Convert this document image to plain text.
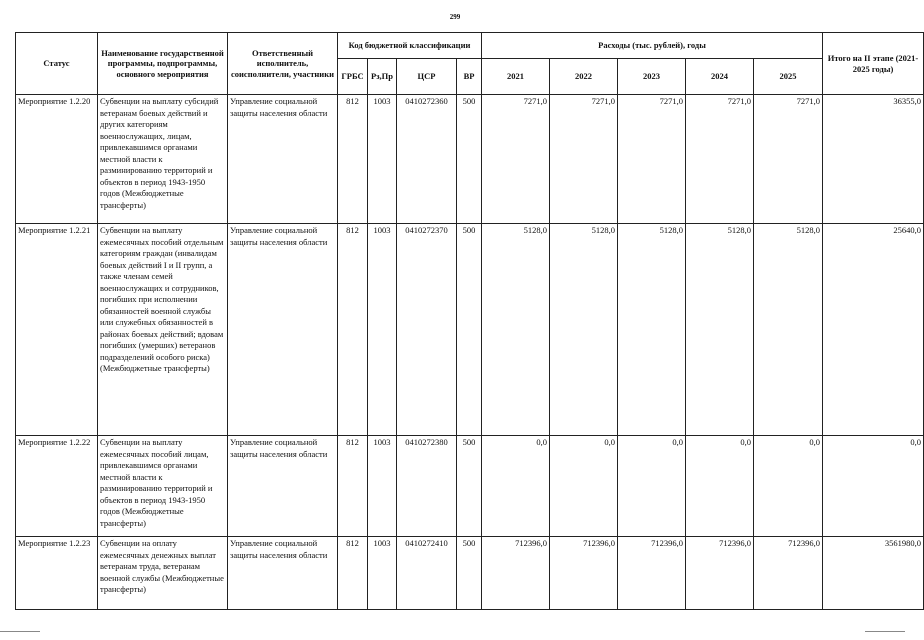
299
Статус	Наименование государственной программы, подпрограммы, основного мероприятия	Ответственный исполнитель, соисполнители, участники	Код бюджетной классификации				Расходы (тыс. рублей), годы					Итого на II этапе (2021-2025 годы)
			ГРБС	Рз,Пр	ЦСР	ВР	2021	2022	2023	2024	2025	
Мероприятие 1.2.20	Субвенции на выплату субсидий ветеранам боевых действий и других категориям военнослужащих, лицам, привлекавшимся органами местной власти к разминированию территорий и объектов в период 1943-1950 годов (Межбюджетные трансферты)	Управление социальной защиты населения области	812	1003	0410272360	500	7271,0	7271,0	7271,0	7271,0	7271,0	36355,0
Мероприятие 1.2.21	Субвенции на выплату ежемесячных пособий отдельным категориям граждан (инвалидам боевых действий I и II групп, а также членам семей военнослужащих и сотрудников, погибших при исполнении обязанностей военной службы или служебных обязанностей в районах боевых действий; вдовам погибших (умерших) ветеранов подразделений особого риска) (Межбюджетные трансферты)	Управление социальной защиты населения области	812	1003	0410272370	500	5128,0	5128,0	5128,0	5128,0	5128,0	25640,0
Мероприятие 1.2.22	Субвенции на выплату ежемесячных пособий лицам, привлекавшимся органами местной власти к разминированию территорий и объектов в период 1943-1950 годов (Межбюджетные трансферты)	Управление социальной защиты населения области	812	1003	0410272380	500	0,0	0,0	0,0	0,0	0,0	0,0
Мероприятие 1.2.23	Субвенции на оплату ежемесячных денежных выплат ветеранам труда, ветеранам военной службы (Межбюджетные трансферты)	Управление социальной защиты населения области	812	1003	0410272410	500	712396,0	712396,0	712396,0	712396,0	712396,0	3561980,0
